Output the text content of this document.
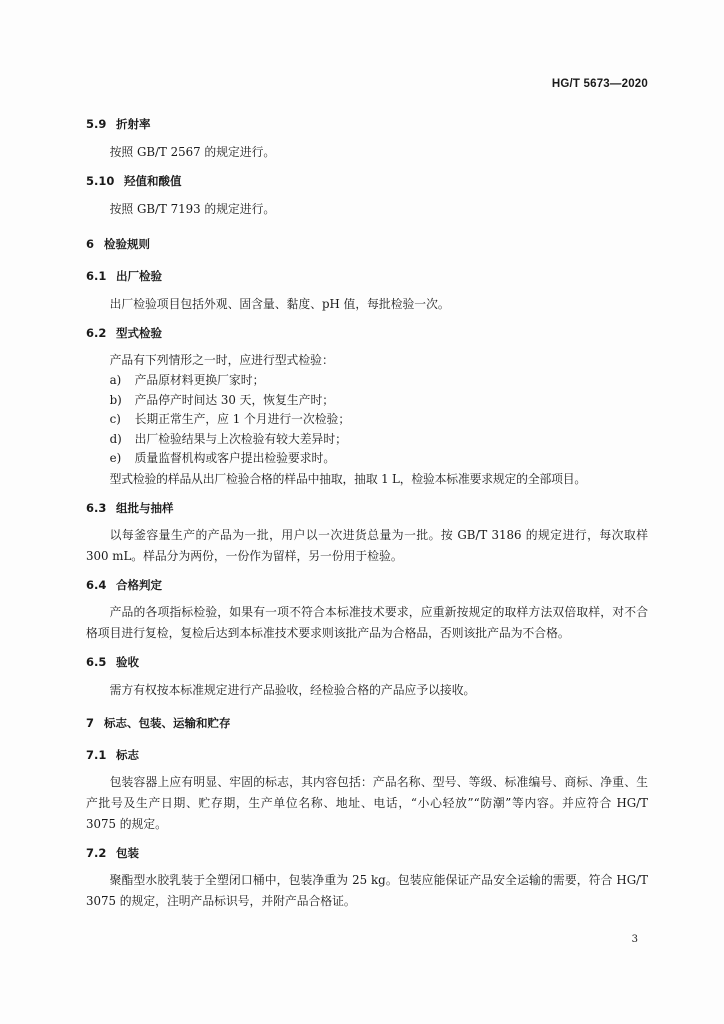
HG/T 5673—2020
5.9 折射率

按照 GB/T 2567 的规定进行。

5.10 羟值和酸值

按照 GB/T 7193 的规定进行。

6 检验规则
6.1 出厂检验

出厂检验项目包括外观、固含量、黏度、pH 值，每批检验一次。

6.2 型式检验

产品有下列情形之一时，应进行型式检验：

a) 产品原材料更换厂家时；

b) 产品停产时间达 30 天，恢复生产时；

c) 长期正常生产，应 1 个月进行一次检验；

d) 出厂检验结果与上次检验有较大差异时；

e) 质量监督机构或客户提出检验要求时。

型式检验的样品从出厂检验合格的样品中抽取，抽取 1 L，检验本标准要求规定的全部项目。

6.3 组批与抽样

以每釜容量生产的产品为一批，用户以一次进货总量为一批。按 GB/T 3186 的规定进行，每次取样 300 mL。样品分为两份，一份作为留样，另一份用于检验。

6.4 合格判定

产品的各项指标检验，如果有一项不符合本标准技术要求，应重新按规定的取样方法双倍取样，对不合格项目进行复检，复检后达到本标准技术要求则该批产品为合格品，否则该批产品为不合格。

6.5 验收

需方有权按本标准规定进行产品验收，经检验合格的产品应予以接收。

7 标志、包装、运输和贮存
7.1 标志

包装容器上应有明显、牢固的标志，其内容包括：产品名称、型号、等级、标准编号、商标、净重、生产批号及生产日期、贮存期，生产单位名称、地址、电话，“小心轻放”“防潮”等内容。并应符合 HG/T 3075 的规定。

7.2 包装

聚酯型水胶乳装于全塑闭口桶中，包装净重为 25 kg。包装应能保证产品安全运输的需要，符合 HG/T 3075 的规定，注明产品标识号，并附产品合格证。

3
